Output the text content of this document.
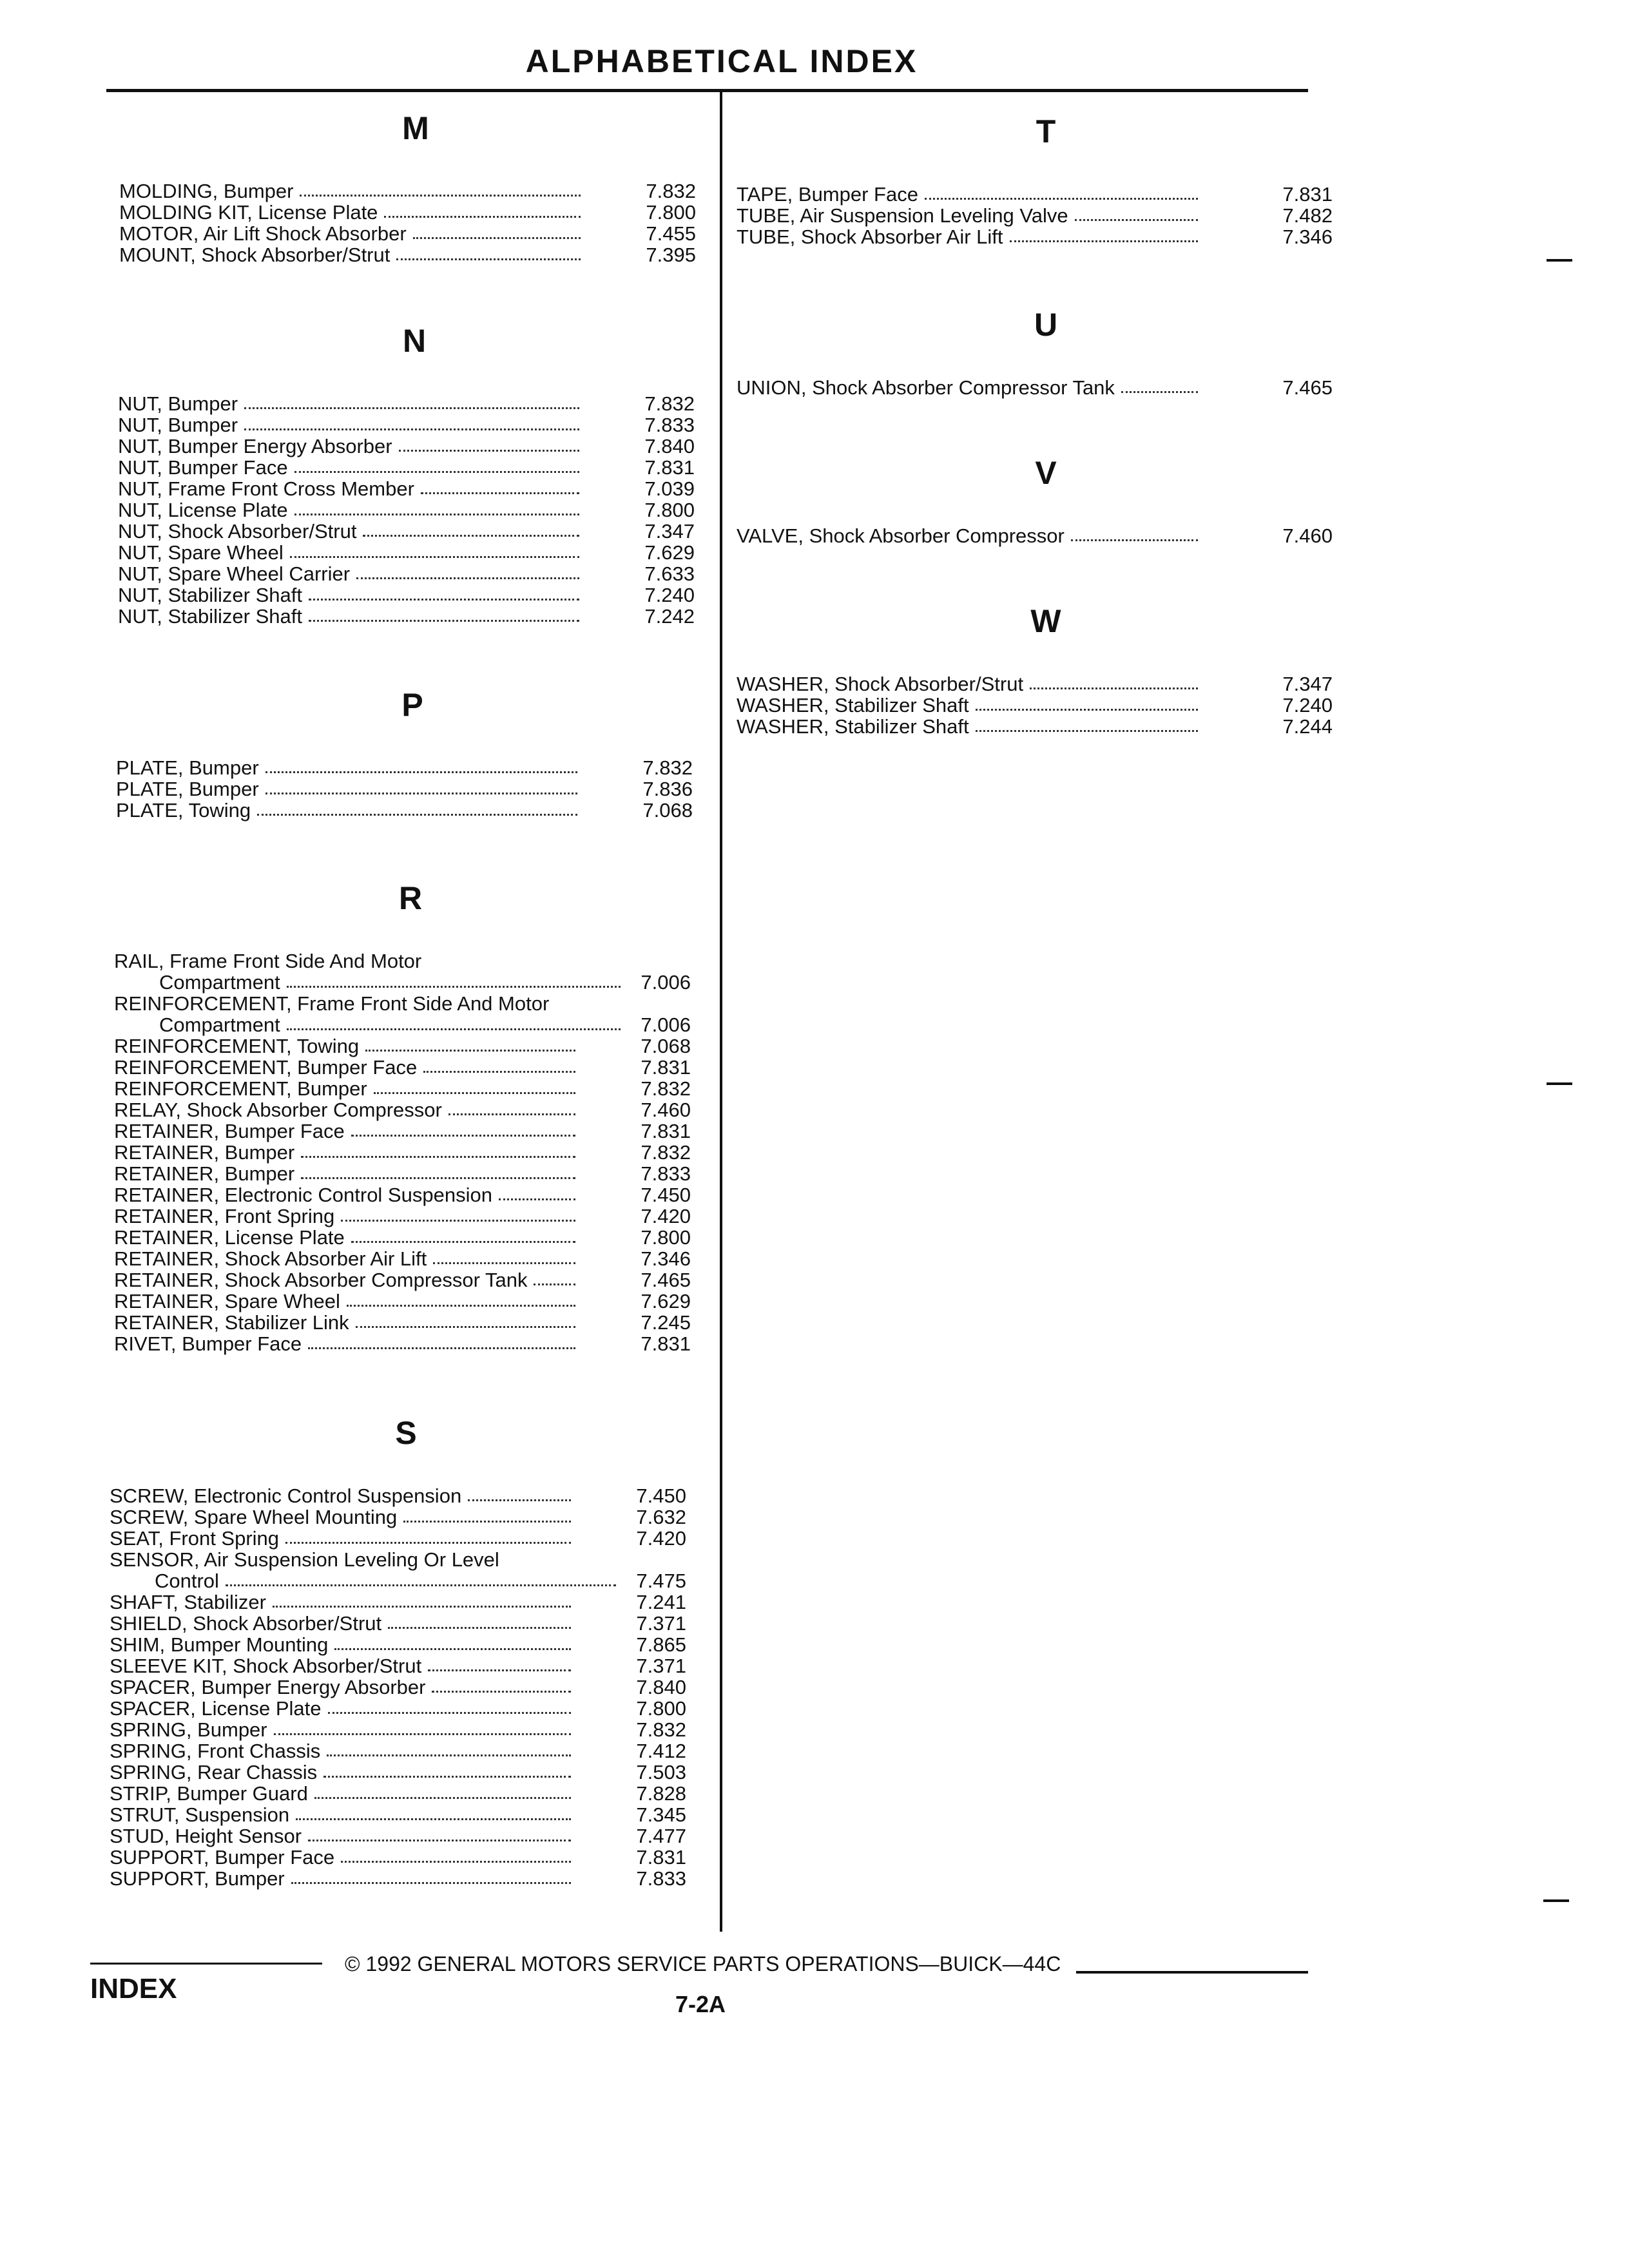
ALPHABETICAL INDEX
M
MOLDING, Bumper	7.832
MOLDING KIT, License Plate	7.800
MOTOR, Air Lift Shock Absorber	7.455
MOUNT, Shock Absorber/Strut	7.395
N
NUT, Bumper	7.832
NUT, Bumper	7.833
NUT, Bumper Energy Absorber	7.840
NUT, Bumper Face	7.831
NUT, Frame Front Cross Member	7.039
NUT, License Plate	7.800
NUT, Shock Absorber/Strut	7.347
NUT, Spare Wheel	7.629
NUT, Spare Wheel Carrier	7.633
NUT, Stabilizer Shaft	7.240
NUT, Stabilizer Shaft	7.242
P
PLATE, Bumper	7.832
PLATE, Bumper	7.836
PLATE, Towing	7.068
R
RAIL, Frame Front Side And Motor
Compartment	7.006
REINFORCEMENT, Frame Front Side And Motor
Compartment	7.006
REINFORCEMENT, Towing	7.068
REINFORCEMENT, Bumper Face	7.831
REINFORCEMENT, Bumper	7.832
RELAY, Shock Absorber Compressor	7.460
RETAINER, Bumper Face	7.831
RETAINER, Bumper	7.832
RETAINER, Bumper	7.833
RETAINER, Electronic Control Suspension	7.450
RETAINER, Front Spring	7.420
RETAINER, License Plate	7.800
RETAINER, Shock Absorber Air Lift	7.346
RETAINER, Shock Absorber Compressor Tank	7.465
RETAINER, Spare Wheel	7.629
RETAINER, Stabilizer Link	7.245
RIVET, Bumper Face	7.831
S
SCREW, Electronic Control Suspension	7.450
SCREW, Spare Wheel Mounting	7.632
SEAT, Front Spring	7.420
SENSOR, Air Suspension Leveling Or Level
Control	7.475
SHAFT, Stabilizer	7.241
SHIELD, Shock Absorber/Strut	7.371
SHIM, Bumper Mounting	7.865
SLEEVE KIT, Shock Absorber/Strut	7.371
SPACER, Bumper Energy Absorber	7.840
SPACER, License Plate	7.800
SPRING, Bumper	7.832
SPRING, Front Chassis	7.412
SPRING, Rear Chassis	7.503
STRIP, Bumper Guard	7.828
STRUT, Suspension	7.345
STUD, Height Sensor	7.477
SUPPORT, Bumper Face	7.831
SUPPORT, Bumper	7.833
T
TAPE, Bumper Face	7.831
TUBE, Air Suspension Leveling Valve	7.482
TUBE, Shock Absorber Air Lift	7.346
U
UNION, Shock Absorber Compressor Tank	7.465
V
VALVE, Shock Absorber Compressor	7.460
W
WASHER, Shock Absorber/Strut	7.347
WASHER, Stabilizer Shaft	7.240
WASHER, Stabilizer Shaft	7.244
© 1992 GENERAL MOTORS SERVICE PARTS OPERATIONS—BUICK—44C
INDEX	7-2A
